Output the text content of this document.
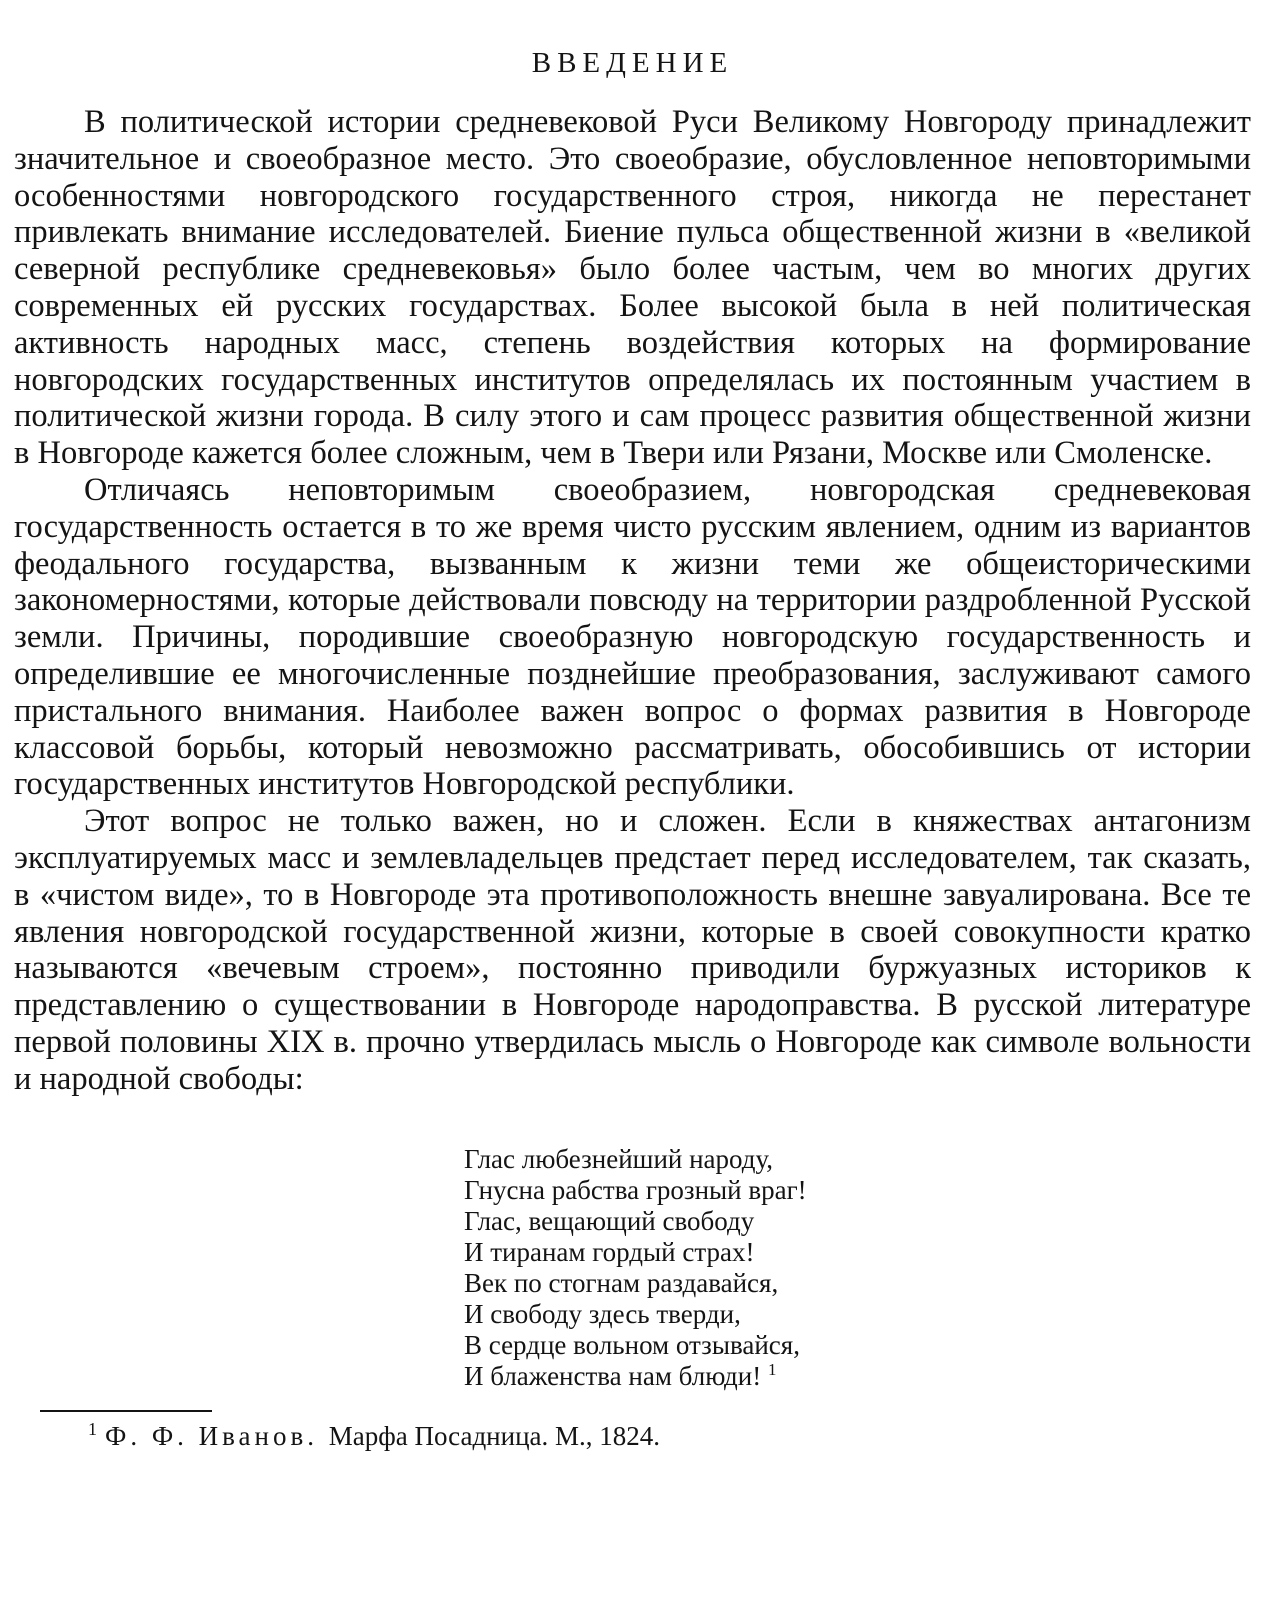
ВВЕДЕНИЕ

В политической истории средневековой Руси Великому Новгороду принадлежит значительное и своеобразное место. Это своеобразие, обусловленное неповторимыми особенностями новгородского государственного строя, никогда не перестанет привлекать внимание исследователей. Биение пульса общественной жизни в «великой северной республике средневековья» было более частым, чем во многих других современных ей русских государствах. Более высокой была в ней политическая активность народных масс, степень воздействия которых на формирование новгородских государственных институтов определялась их постоянным участием в политической жизни города. В силу этого и сам процесс развития общественной жизни в Новгороде кажется более сложным, чем в Твери или Рязани, Москве или Смоленске.

Отличаясь неповторимым своеобразием, новгородская средневековая государственность остается в то же время чисто русским явлением, одним из вариантов феодального государства, вызванным к жизни теми же общеисторическими закономерностями, которые действовали повсюду на территории раздробленной Русской земли. Причины, породившие своеобразную новгородскую государственность и определившие ее многочисленные позднейшие преобразования, заслуживают самого пристального внимания. Наиболее важен вопрос о формах развития в Новгороде классовой борьбы, который невозможно рассматривать, обособившись от истории государственных институтов Новгородской республики.

Этот вопрос не только важен, но и сложен. Если в княжествах антагонизм эксплуатируемых масс и землевладельцев предстает перед исследователем, так сказать, в «чистом виде», то в Новгороде эта противоположность внешне завуалирована. Все те явления новгородской государственной жизни, которые в своей совокупности кратко называются «вечевым строем», постоянно приводили буржуазных историков к представлению о существовании в Новгороде народоправства. В русской литературе первой половины XIX в. прочно утвердилась мысль о Новгороде как символе вольности и народной свободы:

Глас любезнейший народу,
Гнусна рабства грозный враг!
Глас, вещающий свободу
И тиранам гордый страх!
Век по стогнам раздавайся,
И свободу здесь тверди,
В сердце вольном отзывайся,
И блаженства нам блюди! $^1$
$^1$ Ф. Ф. Иванов. Марфа Посадница. М., 1824.
